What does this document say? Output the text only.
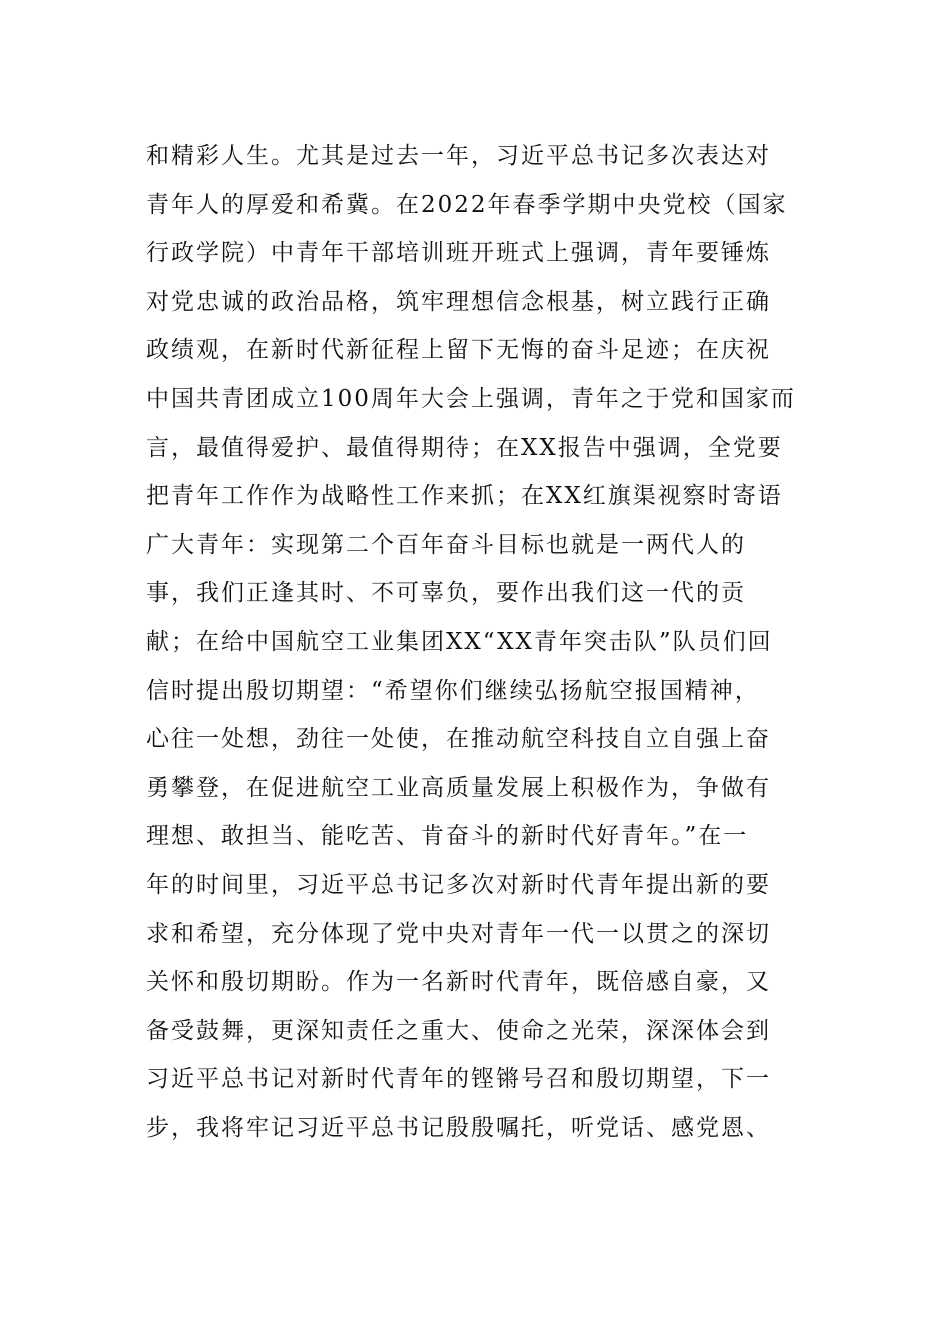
和精彩人生。尤其是过去一年，习近平总书记多次表达对
青年人的厚爱和希冀。在2022年春季学期中央党校（国家
行政学院）中青年干部培训班开班式上强调，青年要锤炼
对党忠诚的政治品格，筑牢理想信念根基，树立践行正确
政绩观，在新时代新征程上留下无悔的奋斗足迹；在庆祝
中国共青团成立100周年大会上强调，青年之于党和国家而
言，最值得爱护、最值得期待；在XX报告中强调，全党要
把青年工作作为战略性工作来抓；在XX红旗渠视察时寄语
广大青年：实现第二个百年奋斗目标也就是一两代人的
事，我们正逢其时、不可辜负，要作出我们这一代的贡
献；在给中国航空工业集团XX“XX青年突击队”队员们回
信时提出殷切期望：“希望你们继续弘扬航空报国精神，
心往一处想，劲往一处使，在推动航空科技自立自强上奋
勇攀登，在促进航空工业高质量发展上积极作为，争做有
理想、敢担当、能吃苦、肯奋斗的新时代好青年。”在一
年的时间里，习近平总书记多次对新时代青年提出新的要
求和希望，充分体现了党中央对青年一代一以贯之的深切
关怀和殷切期盼。作为一名新时代青年，既倍感自豪，又
备受鼓舞，更深知责任之重大、使命之光荣，深深体会到
习近平总书记对新时代青年的铿锵号召和殷切期望，下一
步，我将牢记习近平总书记殷殷嘱托，听党话、感党恩、
